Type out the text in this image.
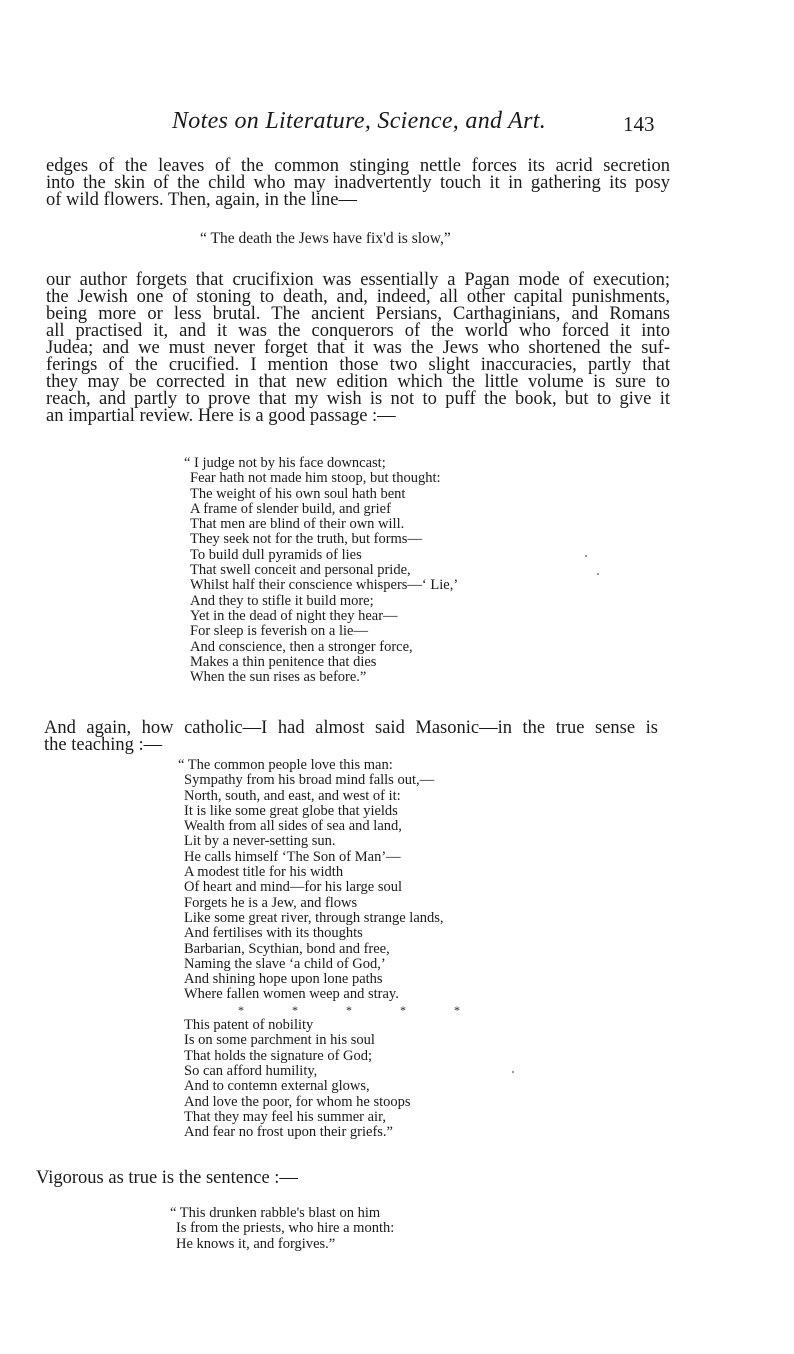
Notes on Literature, Science, and Art.	143
edges of the leaves of the common stinging nettle forces its acrid secretion
into the skin of the child who may inadvertently touch it in gathering its posy
of wild flowers. Then, again, in the line—
“ The death the Jews have fix'd is slow,”
our author forgets that crucifixion was essentially a Pagan mode of execution;
the Jewish one of stoning to death, and, indeed, all other capital punishments,
being more or less brutal. The ancient Persians, Carthaginians, and Romans
all practised it, and it was the conquerors of the world who forced it into
Judea; and we must never forget that it was the Jews who shortened the suf-
ferings of the crucified. I mention those two slight inaccuracies, partly that
they may be corrected in that new edition which the little volume is sure to
reach, and partly to prove that my wish is not to puff the book, but to give it
an impartial review. Here is a good passage :—
“ I judge not by his face downcast;
Fear hath not made him stoop, but thought:
The weight of his own soul hath bent
A frame of slender build, and grief
That men are blind of their own will.
They seek not for the truth, but forms—
To build dull pyramids of lies
That swell conceit and personal pride,
Whilst half their conscience whispers—‘ Lie,’
And they to stifle it build more;
Yet in the dead of night they hear—
For sleep is feverish on a lie—
And conscience, then a stronger force,
Makes a thin penitence that dies
When the sun rises as before.”
And again, how catholic—I had almost said Masonic—in the true sense is
the teaching :—
“ The common people love this man:
Sympathy from his broad mind falls out,—
North, south, and east, and west of it:
It is like some great globe that yields
Wealth from all sides of sea and land,
Lit by a never-setting sun.
He calls himself ‘The Son of Man’—
A modest title for his width
Of heart and mind—for his large soul
Forgets he is a Jew, and flows
Like some great river, through strange lands,
And fertilises with its thoughts
Barbarian, Scythian, bond and free,
Naming the slave ‘a child of God,’
And shining hope upon lone paths
Where fallen women weep and stray.
*	*	*	*	*
This patent of nobility
Is on some parchment in his soul
That holds the signature of God;
So can afford humility,
And to contemn external glows,
And love the poor, for whom he stoops
That they may feel his summer air,
And fear no frost upon their griefs.”
Vigorous as true is the sentence :—
“ This drunken rabble's blast on him
Is from the priests, who hire a month:
He knows it, and forgives.”
